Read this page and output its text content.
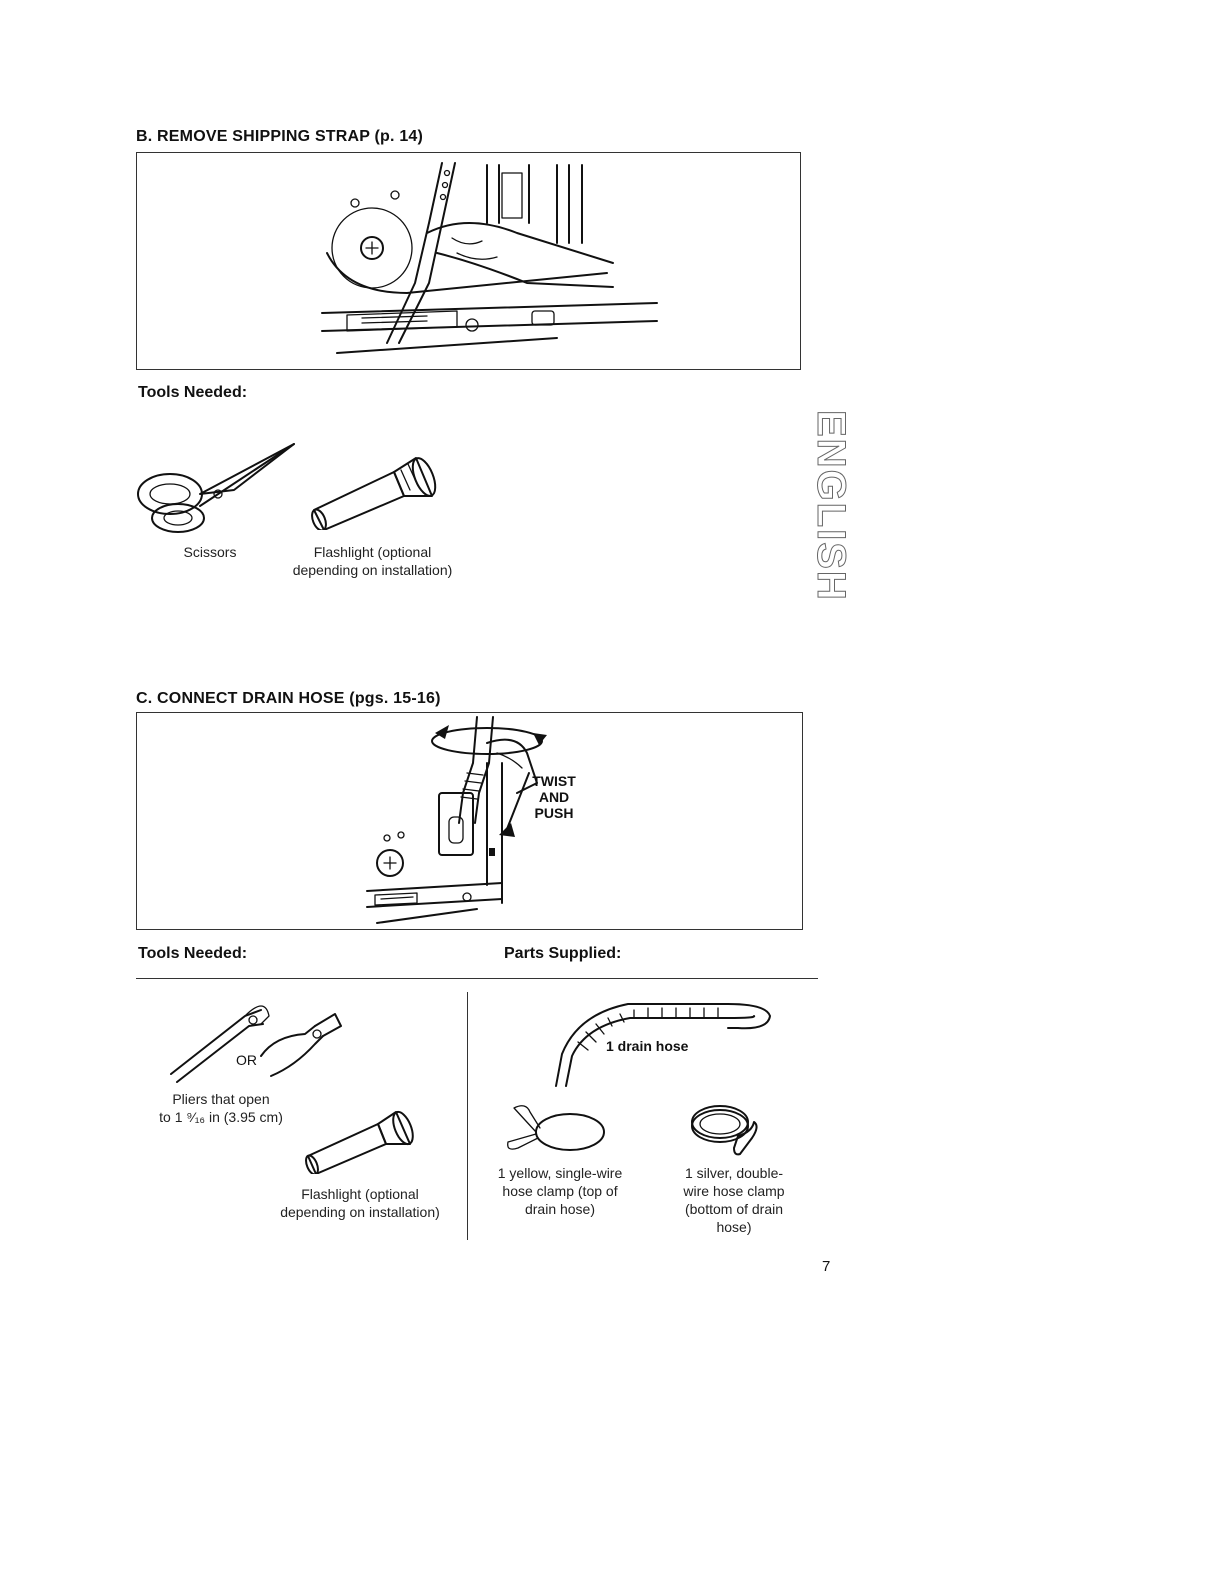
B. REMOVE SHIPPING STRAP (p. 14)
Tools Needed:
Scissors	Flashlight (optional
depending on installation)	ENGLISH
C. CONNECT DRAIN HOSE (pgs. 15-16)
TWIST
AND
PUSH
Tools Needed:	Parts Supplied:
OR
Pliers that open
to 1 ⁹⁄₁₆ in (3.95 cm)
Flashlight (optional
depending on installation)
1 drain hose
1 yellow, single-wire
hose clamp (top of
drain hose)
1 silver, double-
wire hose clamp
(bottom of drain
hose)
7
